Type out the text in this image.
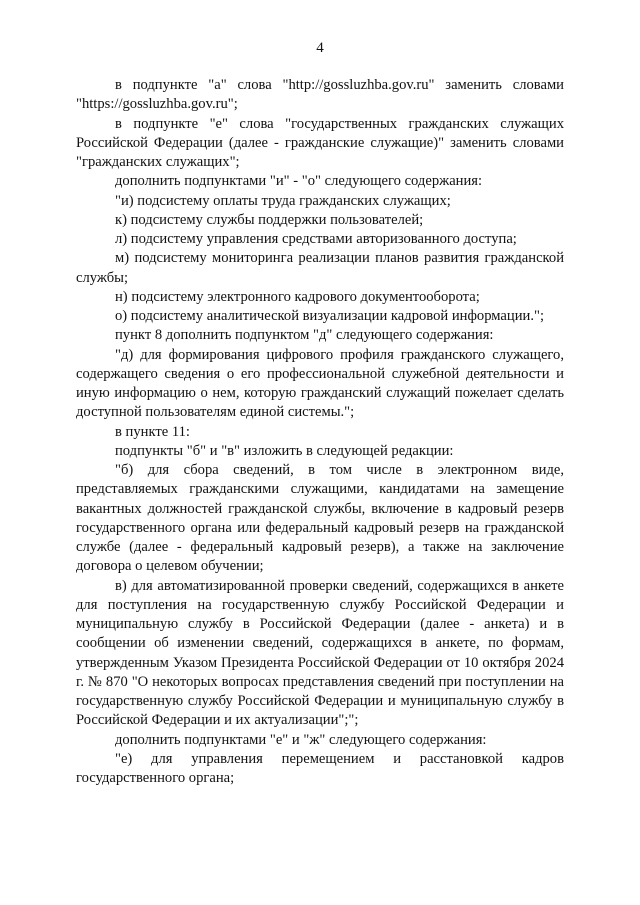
4

в подпункте "а" слова "http://gossluzhba.gov.ru" заменить словами "https://gossluzhba.gov.ru";

в подпункте "е" слова "государственных гражданских служащих Российской Федерации (далее - гражданские служащие)" заменить словами "гражданских служащих";

дополнить подпунктами "и" - "о" следующего содержания:

"и) подсистему оплаты труда гражданских служащих;

к) подсистему службы поддержки пользователей;

л) подсистему управления средствами авторизованного доступа;

м) подсистему мониторинга реализации планов развития гражданской службы;

н) подсистему электронного кадрового документооборота;

о) подсистему аналитической визуализации кадровой информации.";

пункт 8 дополнить подпунктом "д" следующего содержания:

"д) для формирования цифрового профиля гражданского служащего, содержащего сведения о его профессиональной служебной деятельности и иную информацию о нем, которую гражданский служащий пожелает сделать доступной пользователям единой системы.";

в пункте 11:

подпункты "б" и "в" изложить в следующей редакции:

"б) для сбора сведений, в том числе в электронном виде, представляемых гражданскими служащими, кандидатами на замещение вакантных должностей гражданской службы, включение в кадровый резерв государственного органа или федеральный кадровый резерв на гражданской службе (далее - федеральный кадровый резерв), а также на заключение договора о целевом обучении;

в) для автоматизированной проверки сведений, содержащихся в анкете для поступления на государственную службу Российской Федерации и муниципальную службу в Российской Федерации (далее - анкета) и в сообщении об изменении сведений, содержащихся в анкете, по формам, утвержденным Указом Президента Российской Федерации от 10 октября 2024 г. № 870 "О некоторых вопросах представления сведений при поступлении на государственную службу Российской Федерации и муниципальную службу в Российской Федерации и их актуализации";";

дополнить подпунктами "е" и "ж" следующего содержания:

"е) для управления перемещением и расстановкой кадров государственного органа;
